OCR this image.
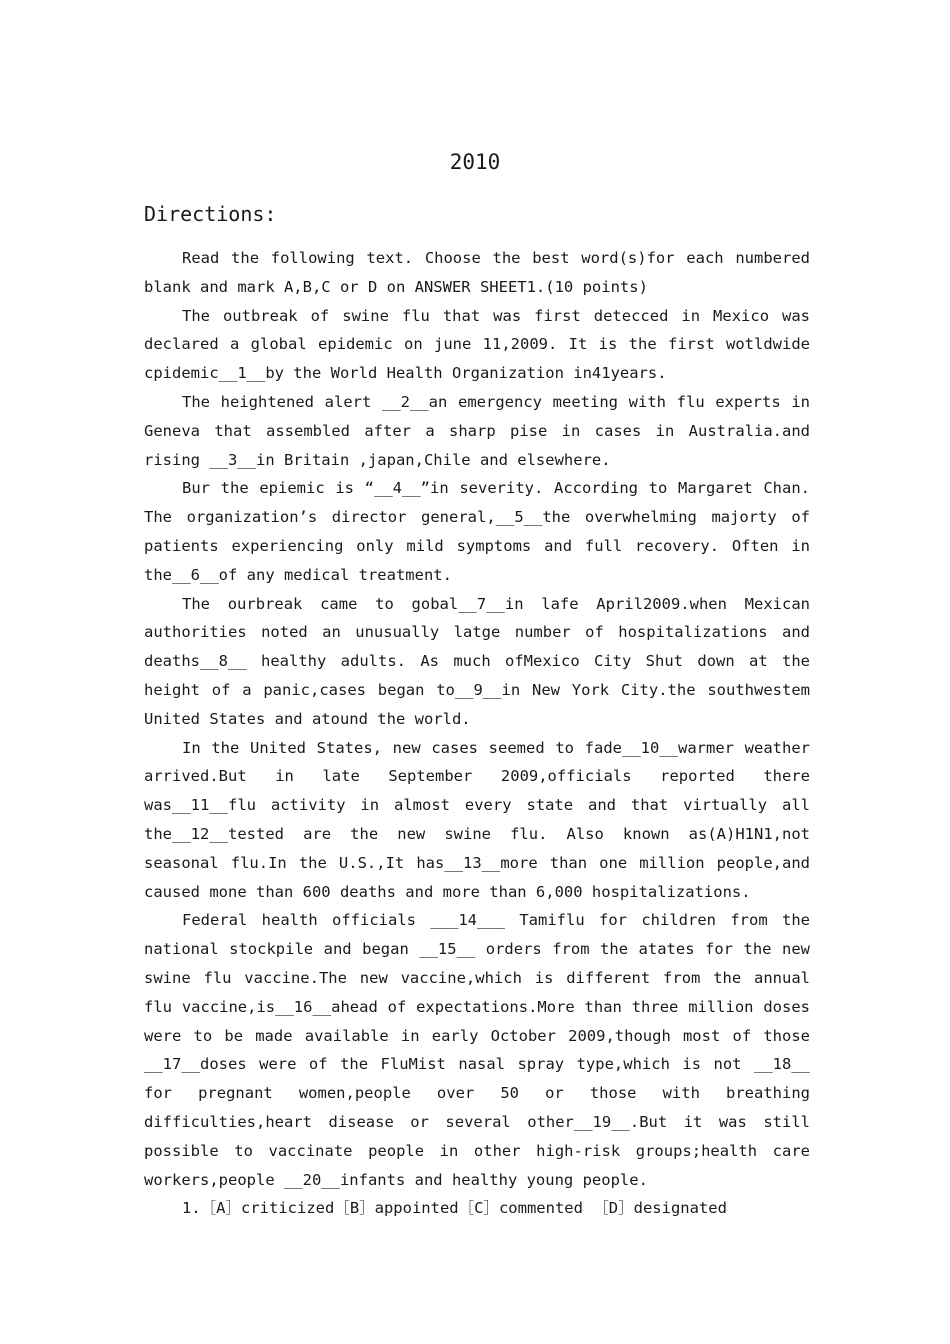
2010
Directions:

Read the following text. Choose the best word(s)for each numbered blank and mark A,B,C or D on ANSWER SHEET1.(10 points)

The outbreak of swine flu that was first detecced in Mexico was declared a global epidemic on june 11,2009. It is the first wotldwide cpidemic__1__by the World Health Organization in41years.

The heightened alert __2__an emergency meeting with flu experts in Geneva that assembled after a sharp pise in cases in Australia.and rising __3__in Britain ,japan,Chile and elsewhere.

Bur the epiemic is “__4__”in severity. According to Margaret Chan. The organization’s director general,__5__the overwhelming majorty of patients experiencing only mild symptoms and full recovery. Often in the__6__of any medical treatment.

The ourbreak came to gobal__7__in lafe April2009.when Mexican authorities noted an unusually latge number of hospitalizations and deaths__8__ healthy adults. As much ofMexico City Shut down at the height of a panic,cases began to__9__in New York City.the southwestem United States and atound the world.

In the United States, new cases seemed to fade__10__warmer weather arrived.But in late September 2009,officials reported there was__11__flu activity in almost every state and that virtually all the__12__tested are the new swine flu. Also known as(A)H1N1,not seasonal flu.In the U.S.,It has__13__more than one million people,and caused mone than 600 deaths and more than 6,000 hospitalizations.

Federal health officials ___14___ Tamiflu for children from the national stockpile and began __15__ orders from the atates for the new swine flu vaccine.The new vaccine,which is different from the annual flu vaccine,is__16__ahead of expectations.More than three million doses were to be made available in early October 2009,though most of those __17__doses were of the FluMist nasal spray type,which is not __18__ for pregnant women,people over 50 or those with breathing difficulties,heart disease or several other__19__.But it was still possible to vaccinate people in other high-risk groups;health care workers,people __20__infants and healthy young people.

1.［A］criticized［B］appointed［C］commented ［D］designated
